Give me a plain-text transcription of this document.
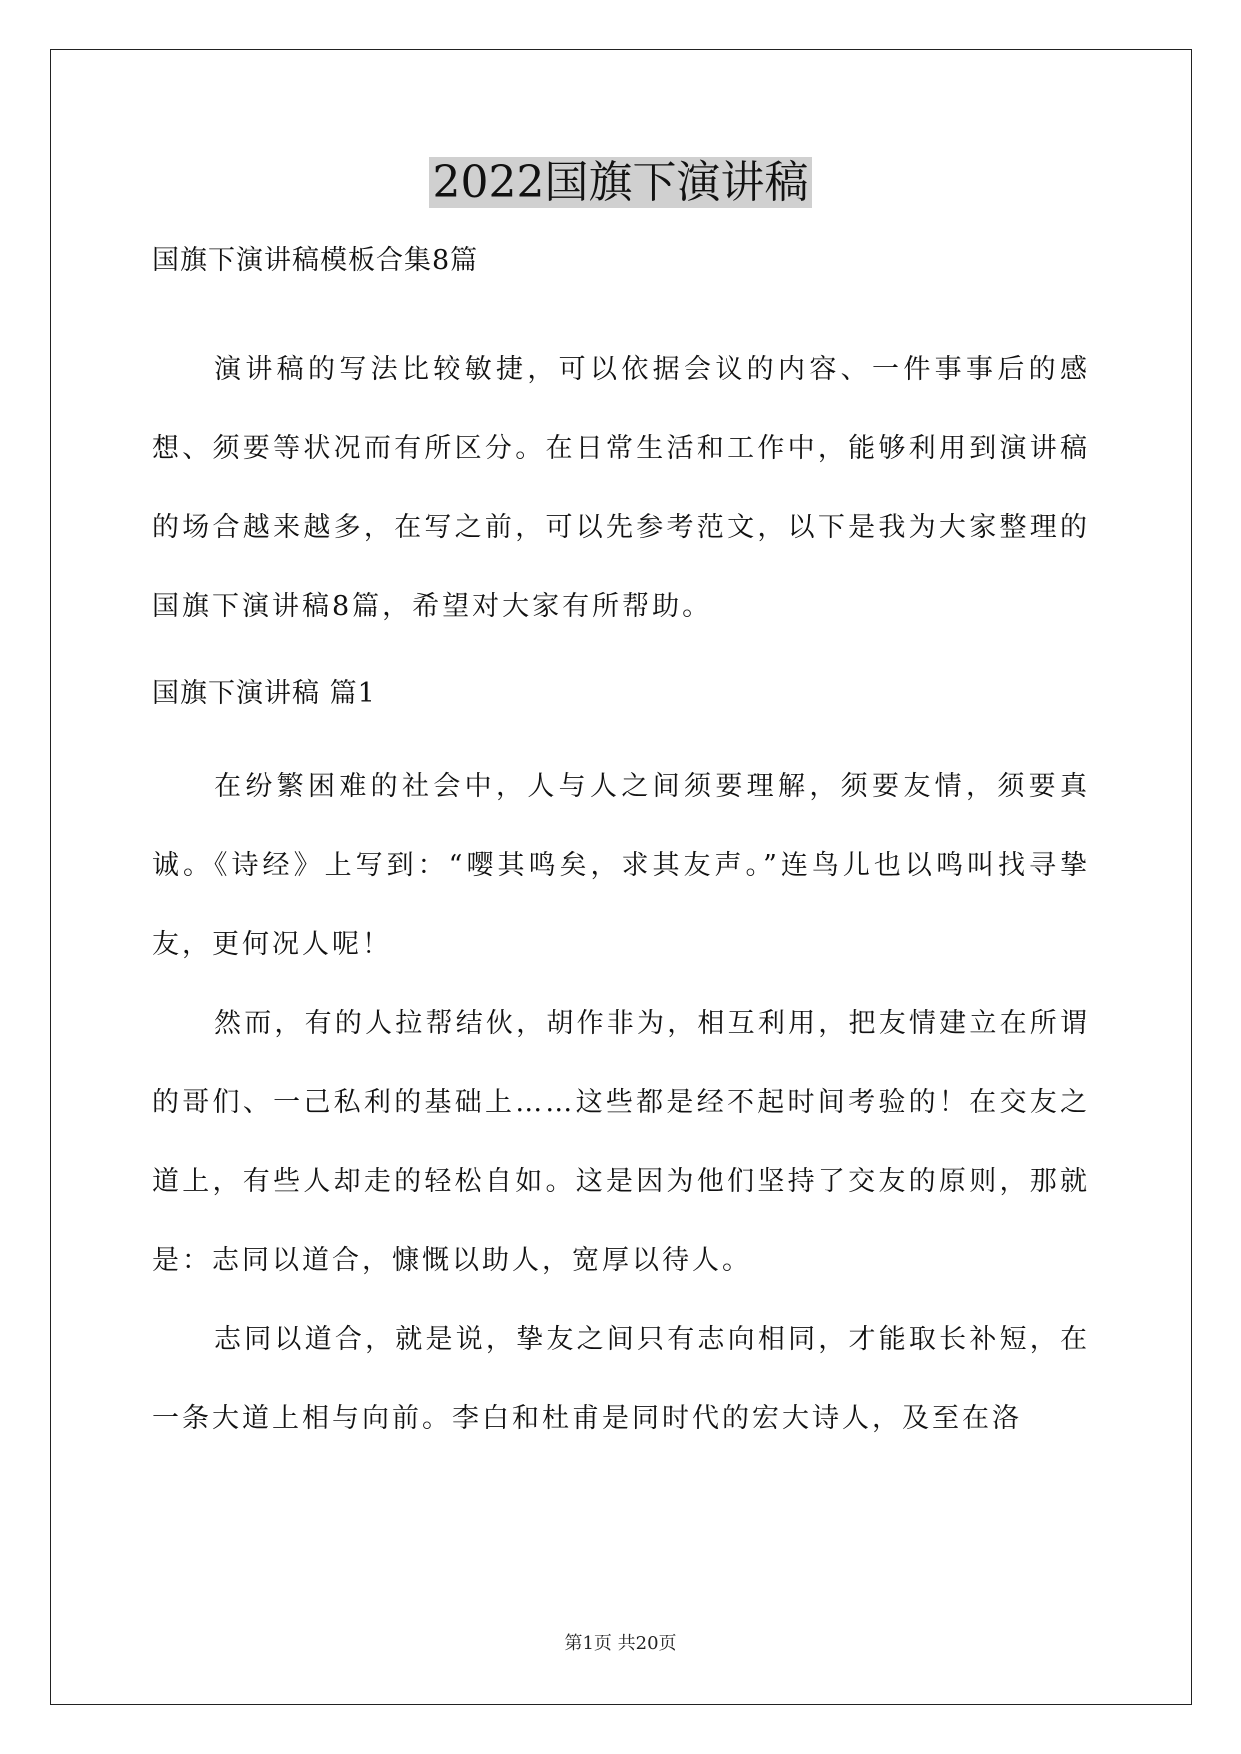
2022国旗下演讲稿
国旗下演讲稿模板合集8篇

演讲稿的写法比较敏捷，可以依据会议的内容、一件事事后的感想、须要等状况而有所区分。在日常生活和工作中，能够利用到演讲稿的场合越来越多，在写之前，可以先参考范文，以下是我为大家整理的国旗下演讲稿8篇，希望对大家有所帮助。

国旗下演讲稿 篇1

在纷繁困难的社会中，人与人之间须要理解，须要友情，须要真诚。《诗经》上写到：“嘤其鸣矣，求其友声。”连鸟儿也以鸣叫找寻挚友，更何况人呢！

然而，有的人拉帮结伙，胡作非为，相互利用，把友情建立在所谓的哥们、一己私利的基础上……这些都是经不起时间考验的！在交友之道上，有些人却走的轻松自如。这是因为他们坚持了交友的原则，那就是：志同以道合，慷慨以助人，宽厚以待人。

志同以道合，就是说，挚友之间只有志向相同，才能取长补短，在一条大道上相与向前。李白和杜甫是同时代的宏大诗人，及至在洛

第1页 共20页
